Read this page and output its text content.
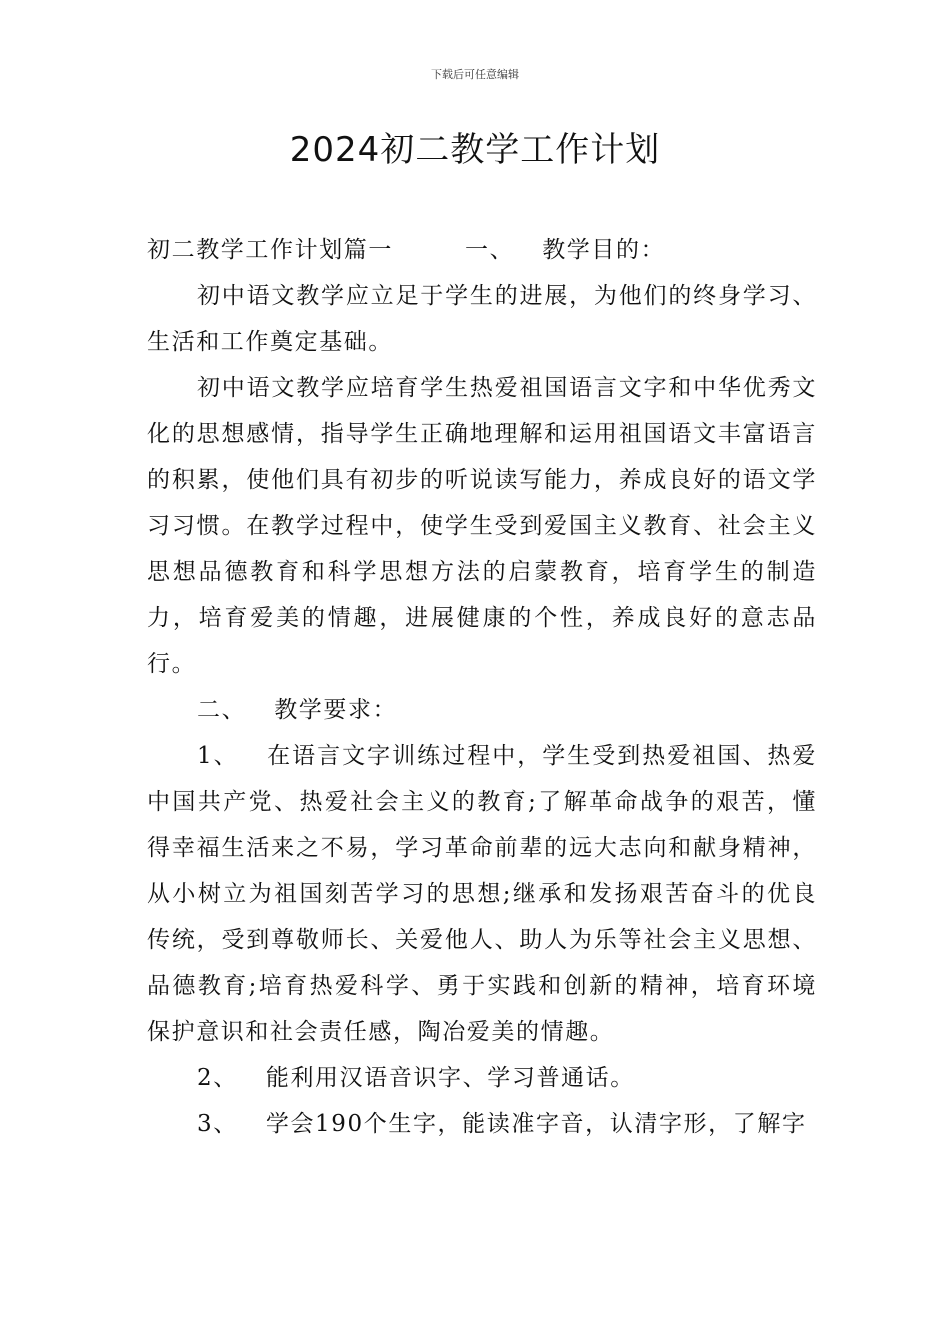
下载后可任意编辑
2024初二教学工作计划

初二教学工作计划篇一	一、 教学目的：

初中语文教学应立足于学生的进展，为他们的终身学习、生活和工作奠定基础。

初中语文教学应培育学生热爱祖国语言文字和中华优秀文化的思想感情，指导学生正确地理解和运用祖国语文丰富语言的积累，使他们具有初步的听说读写能力，养成良好的语文学习习惯。在教学过程中，使学生受到爱国主义教育、社会主义思想品德教育和科学思想方法的启蒙教育，培育学生的制造力，培育爱美的情趣，进展健康的个性，养成良好的意志品行。

二、 教学要求：

1、 在语言文字训练过程中，学生受到热爱祖国、热爱中国共产党、热爱社会主义的教育;了解革命战争的艰苦，懂得幸福生活来之不易，学习革命前辈的远大志向和献身精神，从小树立为祖国刻苦学习的思想;继承和发扬艰苦奋斗的优良传统，受到尊敬师长、关爱他人、助人为乐等社会主义思想、品德教育;培育热爱科学、勇于实践和创新的精神，培育环境保护意识和社会责任感，陶冶爱美的情趣。

2、 能利用汉语音识字、学习普通话。

3、 学会190个生字，能读准字音，认清字形，了解字
